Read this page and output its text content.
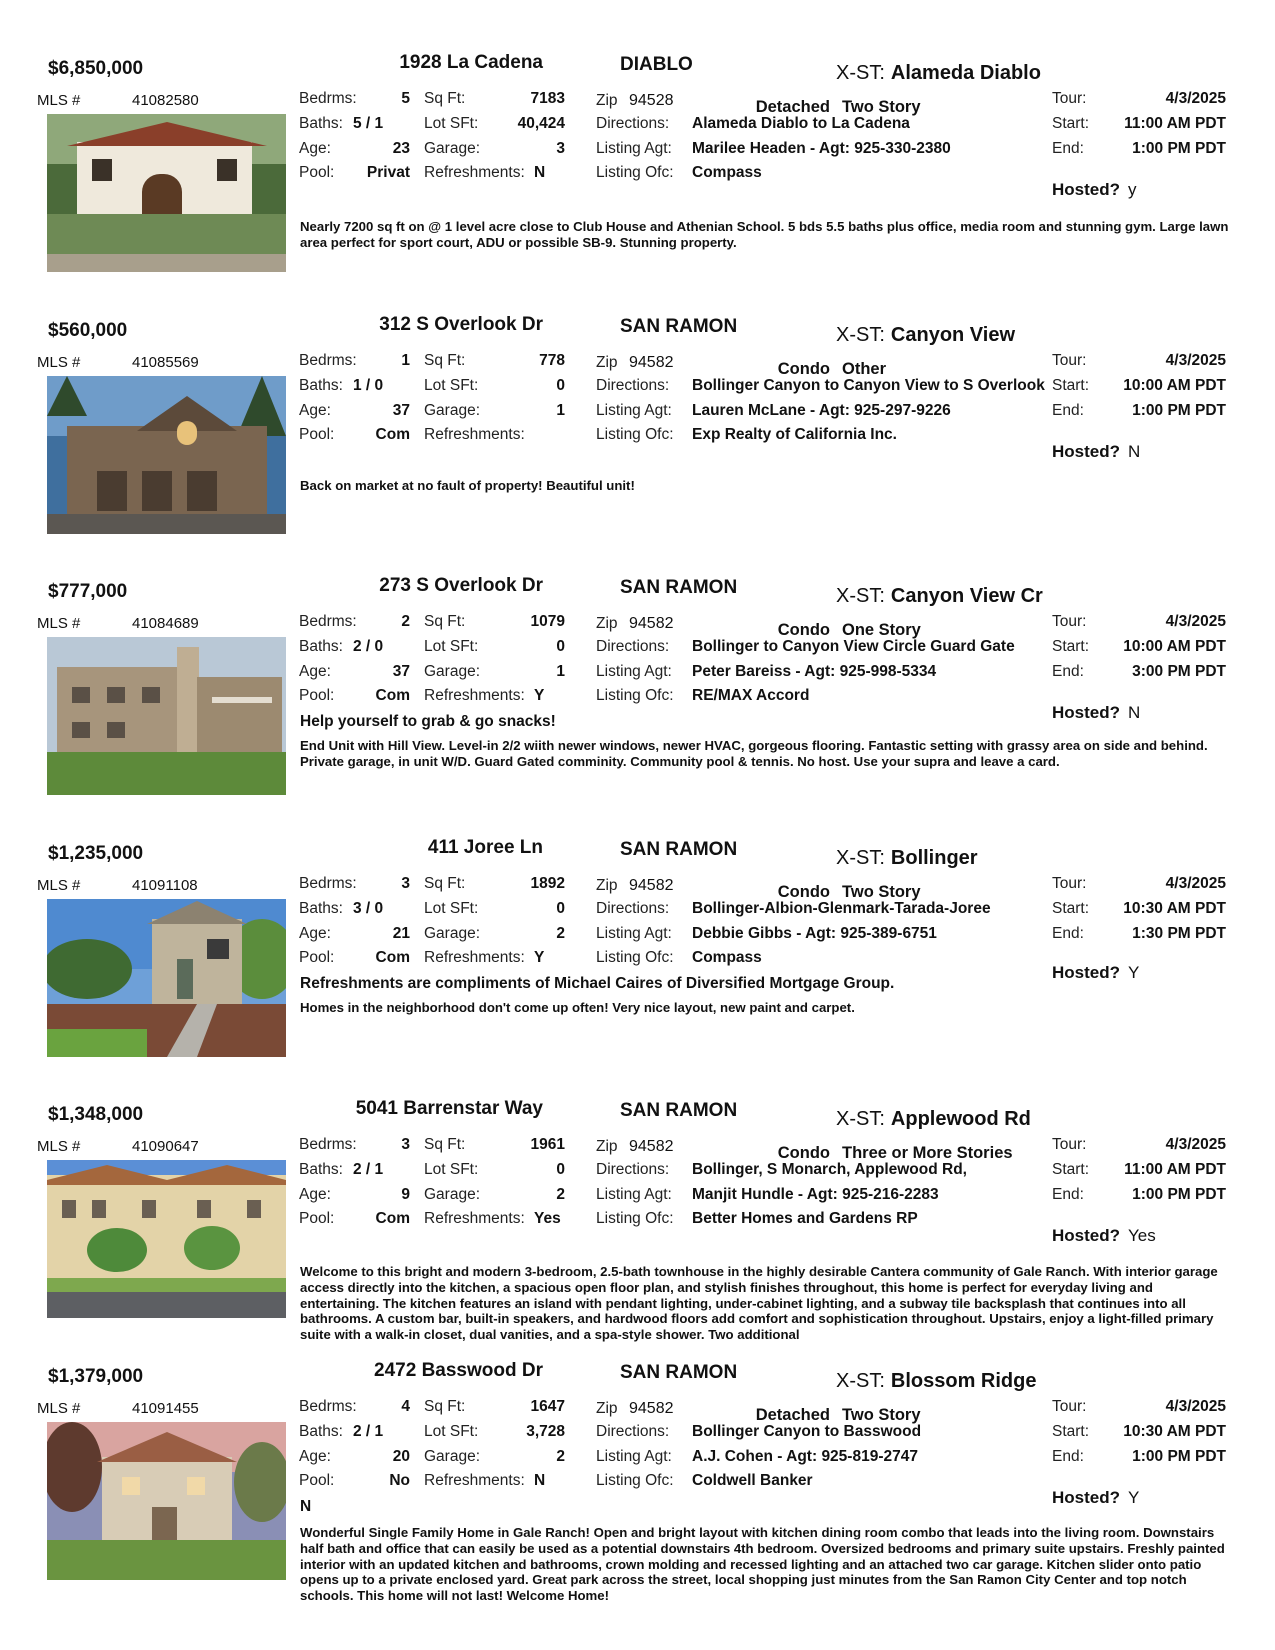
$6,850,000	1928 La Cadena	DIABLO	X-ST: Alameda Diablo
MLS #	41082580	Bedrms:	5
Baths: 5 / 1
Age:	23
Pool:	Privat
Sq Ft:	7183
Lot SFt:	40,424
Garage:	3
Refreshments: N
Zip 94528	Detached Two Story
Directions: Alameda Diablo to La Cadena
Listing Agt: Marilee Headen - Agt: 925-330-2380
Listing Ofc: Compass
Tour:	4/3/2025
Start:	11:00 AM PDT
End:	1:00 PM PDT
Hosted? y
Nearly 7200 sq ft on @ 1 level acre close to Club House and Athenian School. 5 bds 5.5 baths plus office, media room and stunning gym. Large lawn area perfect for sport court, ADU or possible SB-9. Stunning property.
$560,000	312 S Overlook Dr	SAN RAMON	X-ST: Canyon View
MLS #	41085569	Bedrms:	1
Baths: 1 / 0
Age:	37
Pool:	Com
Sq Ft:	778
Lot SFt:	0
Garage:	1
Refreshments:
Zip 94582	Condo Other
Directions: Bollinger Canyon to Canyon View to S Overlook
Listing Agt: Lauren McLane - Agt: 925-297-9226
Listing Ofc: Exp Realty of California Inc.
Tour:	4/3/2025
Start:	10:00 AM PDT
End:	1:00 PM PDT
Hosted? N
Back on market at no fault of property! Beautiful unit!
$777,000	273 S Overlook Dr	SAN RAMON	X-ST: Canyon View Cr
MLS #	41084689	Bedrms:	2
Baths: 2 / 0
Age:	37
Pool:	Com
Sq Ft:	1079
Lot SFt:	0
Garage:	1
Refreshments: Y
Zip 94582	Condo One Story
Directions: Bollinger to Canyon View Circle Guard Gate
Listing Agt: Peter Bareiss - Agt: 925-998-5334
Listing Ofc: RE/MAX Accord
Tour:	4/3/2025
Start:	10:00 AM PDT
End:	3:00 PM PDT
Hosted? N
Help yourself to grab & go snacks!
End Unit with Hill View. Level-in 2/2 wiith newer windows, newer HVAC, gorgeous flooring. Fantastic setting with grassy area on side and behind. Private garage, in unit W/D. Guard Gated comminity. Community pool & tennis. No host. Use your supra and leave a card.
$1,235,000	411 Joree Ln	SAN RAMON	X-ST: Bollinger
MLS #	41091108	Bedrms:	3
Baths: 3 / 0
Age:	21
Pool:	Com
Sq Ft:	1892
Lot SFt:	0
Garage:	2
Refreshments: Y
Zip 94582	Condo Two Story
Directions: Bollinger-Albion-Glenmark-Tarada-Joree
Listing Agt: Debbie Gibbs - Agt: 925-389-6751
Listing Ofc: Compass
Tour:	4/3/2025
Start:	10:30 AM PDT
End:	1:30 PM PDT
Hosted? Y
Refreshments are compliments of Michael Caires of Diversified Mortgage Group.
Homes in the neighborhood don't come up often! Very nice layout, new paint and carpet.
$1,348,000	5041 Barrenstar Way	SAN RAMON	X-ST: Applewood Rd
MLS #	41090647	Bedrms:	3
Baths: 2 / 1
Age:	9
Pool:	Com
Sq Ft:	1961
Lot SFt:	0
Garage:	2
Refreshments: Yes
Zip 94582	Condo Three or More Stories
Directions: Bollinger, S Monarch, Applewood Rd,
Listing Agt: Manjit Hundle - Agt: 925-216-2283
Listing Ofc: Better Homes and Gardens RP
Tour:	4/3/2025
Start:	11:00 AM PDT
End:	1:00 PM PDT
Hosted? Yes
Welcome to this bright and modern 3-bedroom, 2.5-bath townhouse in the highly desirable Cantera community of Gale Ranch. With interior garage access directly into the kitchen, a spacious open floor plan, and stylish finishes throughout, this home is perfect for everyday living and entertaining. The kitchen features an island with pendant lighting, under-cabinet lighting, and a subway tile backsplash that continues into all bathrooms. A custom bar, built-in speakers, and hardwood floors add comfort and sophistication throughout. Upstairs, enjoy a light-filled primary suite with a walk-in closet, dual vanities, and a spa-style shower. Two additional
$1,379,000	2472 Basswood Dr	SAN RAMON	X-ST: Blossom Ridge
MLS #	41091455	Bedrms:	4
Baths: 2 / 1
Age:	20
Pool:	No
Sq Ft:	1647
Lot SFt:	3,728
Garage:	2
Refreshments: N
Zip 94582	Detached Two Story
Directions: Bollinger Canyon to Basswood
Listing Agt: A.J. Cohen - Agt: 925-819-2747
Listing Ofc: Coldwell Banker
Tour:	4/3/2025
Start:	10:30 AM PDT
End:	1:00 PM PDT
Hosted? Y
N
Wonderful Single Family Home in Gale Ranch! Open and bright layout with kitchen dining room combo that leads into the living room. Downstairs half bath and office that can easily be used as a potential downstairs 4th bedroom. Oversized bedrooms and primary suite upstairs. Freshly painted interior with an updated kitchen and bathrooms, crown molding and recessed lighting and an attached two car garage. Kitchen slider onto patio opens up to a private enclosed yard. Great park across the street, local shopping just minutes from the San Ramon City Center and top notch schools. This home will not last! Welcome Home!
